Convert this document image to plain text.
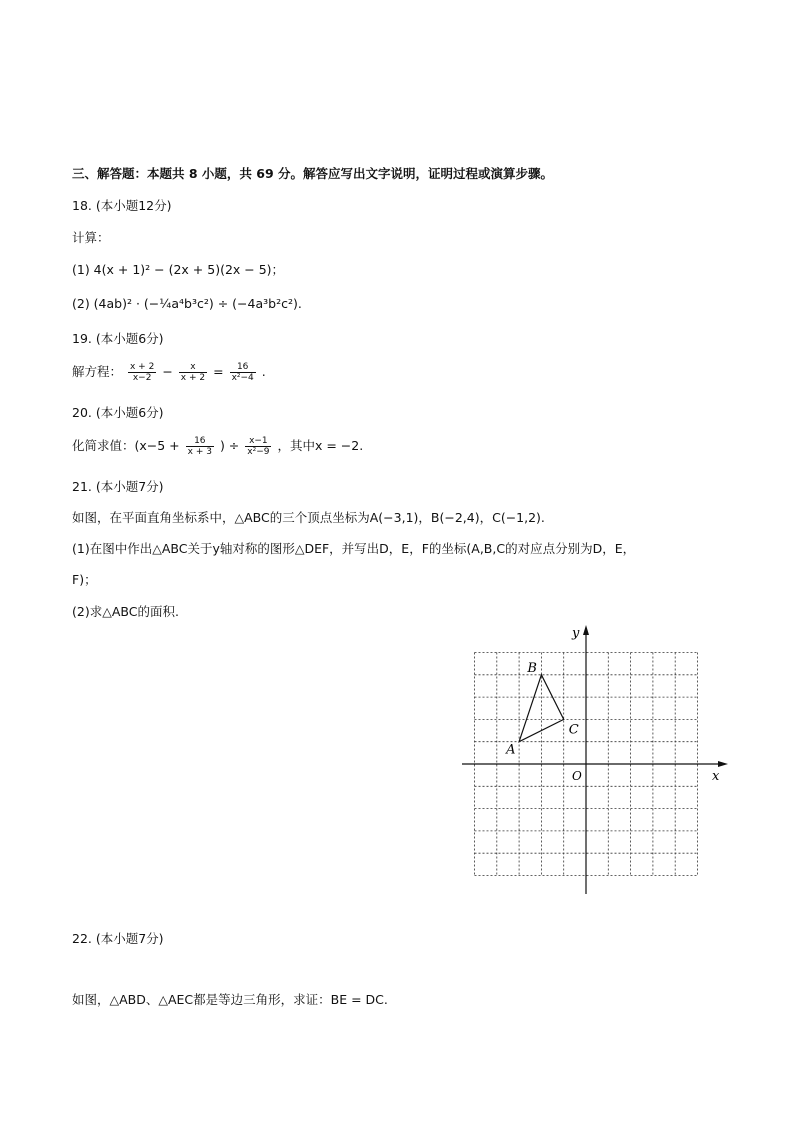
三、解答题：本题共 8 小题，共 69 分。解答应写出文字说明，证明过程或演算步骤。
18. (本小题12分)
计算：
(1) 4(x + 1)² − (2x + 5)(2x − 5)；
(2) (4ab)² · (−¼a⁴b³c²) ÷ (−4a³b²c²).
19. (本小题6分)
解方程： $\frac{x + 2}{x-2} - \frac{x}{x + 2} = \frac{16}{\text{x²−4}}$ .
20. (本小题6分)
化简求值：($x-5 + \frac{16}{x + 3}$ ) ÷ $\frac{x-1}{\text{x²−9}}$ ，其中x = −2.
21. (本小题7分)
如图，在平面直角坐标系中，△ABC的三个顶点坐标为A(−3,1)，B(−2,4)，C(−1,2).
(1)在图中作出△ABC关于y轴对称的图形△DEF，并写出D，E，F的坐标(A,B,C的对应点分别为D，E，
F)；
(2)求△ABC的面积.
A
B
C
O	x
y
22. (本小题7分)
如图，△ABD、△AEC都是等边三角形，求证：BE = DC.
